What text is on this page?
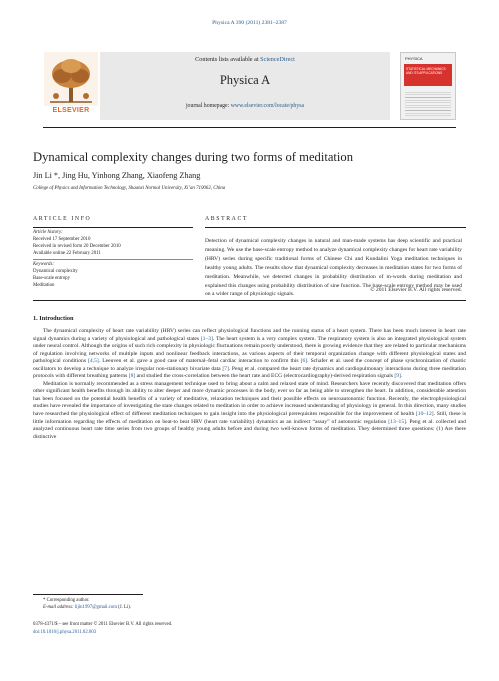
Physica A 390 (2011) 2381–2387
ELSEVIER
Contents lists available at ScienceDirect
Physica A
journal homepage: www.elsevier.com/locate/physa
PHYSICA
STATISTICAL MECHANICS AND ITS APPLICATIONS
Dynamical complexity changes during two forms of meditation
Jin Li *, Jing Hu, Yinhong Zhang, Xiaofeng Zhang
College of Physics and Information Technology, Shaanxi Normal University, Xi’an 710062, China
ARTICLE INFO
Article history:
Received 17 September 2010
Received in revised form 20 December 2010
Available online 22 February 2011
Keywords:
Dynamical complexity
Base-scale entropy
Meditation
ABSTRACT
Detection of dynamical complexity changes in natural and man-made systems has deep scientific and practical meaning. We use the base-scale entropy method to analyze dynamical complexity changes for heart rate variability (HRV) series during specific traditional forms of Chinese Chi and Kundalini Yoga meditation techniques in healthy young adults. The results show that dynamical complexity decreases in meditation states for two forms of meditation. Meanwhile, we detected changes in probability distribution of m-words during meditation and explained this changes using probability distribution of sine function. The base-scale entropy method may be used on a wider range of physiologic signals.
© 2011 Elsevier B.V. All rights reserved.
1. Introduction

The dynamical complexity of heart rate variability (HRV) series can reflect physiological functions and the running status of a heart system. There has been much interest in heart rate signal dynamics during a variety of physiological and pathological states [1–3]. The heart system is a very complex system. The respiratory system is also an integrated physiological system under neural control. Although the origins of such rich complexity in physiologic fluctuations remain poorly understood, there is growing evidence that they are related to particular mechanisms of regulation involving networks of multiple inputs and nonlinear feedback interactions, as various aspects of their temporal organization change with different physiological states and pathological conditions [4,5]. Leeuven et al. gave a good case of maternal–fetal cardiac interaction to confirm this [6]. Schafer et al. used the concept of phase synchronization of chaotic oscillators to develop a technique to analyze irregular non-stationary bivariate data [7]. Peng et al. compared the heart rate dynamics and cardiopulmonary interactions during three meditation protocols with different breathing patterns [8] and studied the cross-correlation between the heart rate and ECG (electrocardiography)-derived respiration signals [9].

Meditation is normally recommended as a stress management technique used to bring about a calm and relaxed state of mind. Researchers have recently discovered that meditation offers other significant health benefits through its ability to alter deeper and more dynamic processes in the body, ever so far as being able to strengthen the heart. In addition, considerable attention has been focused on the potential health benefits of a variety of meditative, relaxation techniques and their possible effects on neuroautonomic function. Recently, the electrophysiological studies have revealed the importance of investigating the state changes related to meditation in order to achieve increased understanding of physiology in general. In this direction, many studies have researched the physiological effect of different meditation techniques to gain insight into the physiological prerequisites responsible for the improvement of health [10–12]. Still, these is little information regarding the effects of meditation on beat-to beat HRV (heart rate variability) dynamics as an indirect “assay” of autonomic regulation [13–15]. Peng et al. collected and analyzed continuous heart rate time series from two groups of healthy young adults before and during two well-known forms of meditation. They determined three questions: (1) Are there distinctive

* Corresponding author.
E-mail address: lijin1997@gmail.com (J. Li).
0378-4371/$ – see front matter © 2011 Elsevier B.V. All rights reserved.
doi:10.1016/j.physa.2011.02.003
